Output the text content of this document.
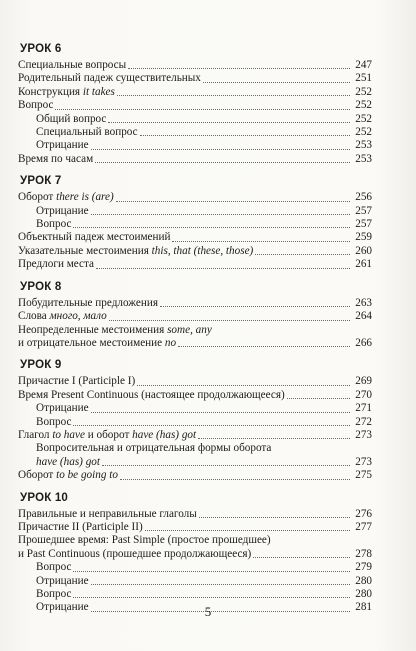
УРОК 6
Специальные вопросы	247
Родительный падеж существительных	251
Конструкция it takes	252
Вопрос	252
Общий вопрос	252
Специальный вопрос	252
Отрицание	253
Время по часам	253
УРОК 7
Оборот there is (are)	256
Отрицание	257
Вопрос	257
Объектный падеж местоимений	259
Указательные местоимения this, that (these, those)	260
Предлоги места	261
УРОК 8
Побудительные предложения	263
Слова много, мало	264
Неопределенные местоимения some, any
и отрицательное местоимение no	266
УРОК 9
Причастие I (Participle I)	269
Время Present Continuous (настоящее продолжающееся)	270
Отрицание	271
Вопрос	272
Глагол to have и оборот have (has) got	273
Вопросительная и отрицательная формы оборота
have (has) got	273
Оборот to be going to	275
УРОК 10
Правильные и неправильные глаголы	276
Причастие II (Participle II)	277
Прошедшее время: Past Simple (простое прошедшее)
и Past Continuous (прошедшее продолжающееся)	278
Вопрос	279
Отрицание	280
Вопрос	280
Отрицание	281
5
